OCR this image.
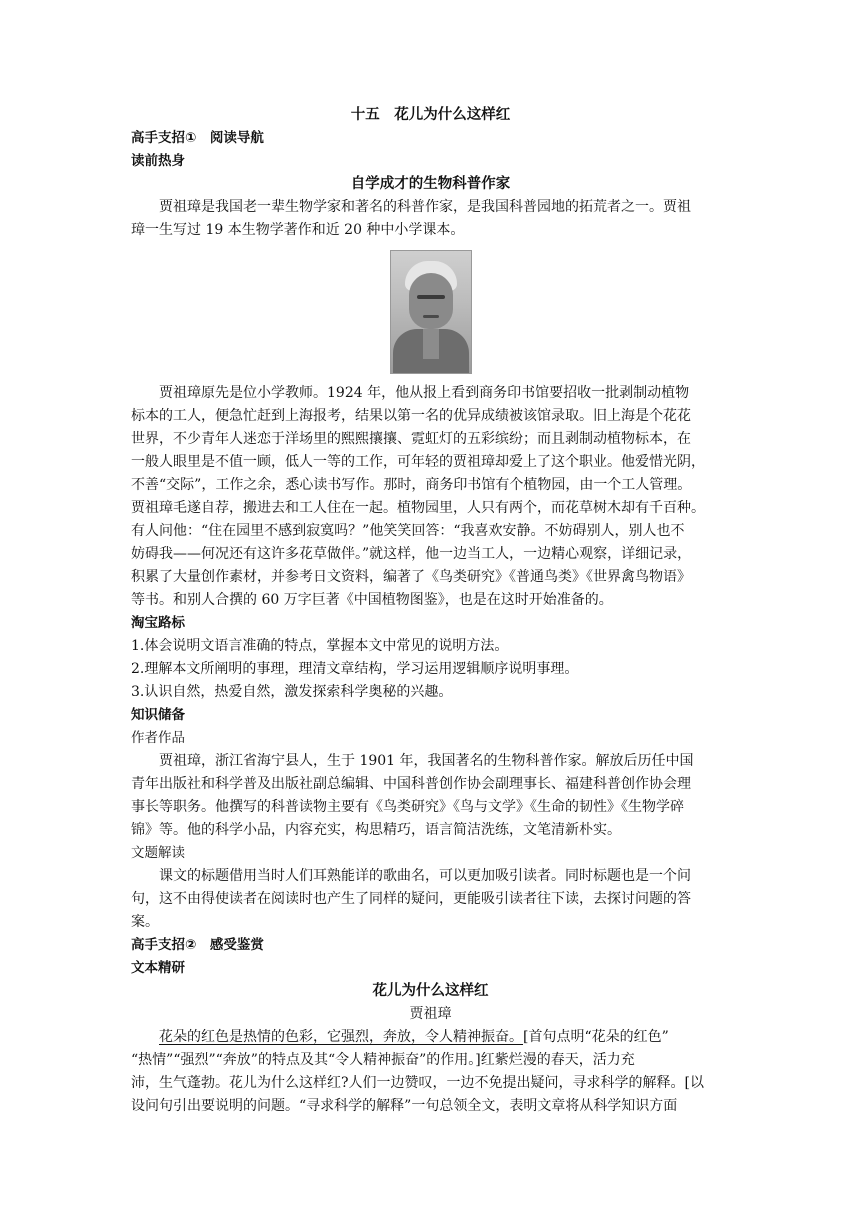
十五　花儿为什么这样红
高手支招①　阅读导航
读前热身
自学成才的生物科普作家
贾祖璋是我国老一辈生物学家和著名的科普作家，是我国科普园地的拓荒者之一。贾祖
璋一生写过 19 本生物学著作和近 20 种中小学课本。
贾祖璋原先是位小学教师。1924 年，他从报上看到商务印书馆要招收一批剥制动植物
标本的工人，便急忙赶到上海报考，结果以第一名的优异成绩被该馆录取。旧上海是个花花
世界，不少青年人迷恋于洋场里的熙熙攘攘、霓虹灯的五彩缤纷；而且剥制动植物标本，在
一般人眼里是不值一顾，低人一等的工作，可年轻的贾祖璋却爱上了这个职业。他爱惜光阴，
不善“交际”，工作之余，悉心读书写作。那时，商务印书馆有个植物园，由一个工人管理。
贾祖璋毛遂自荐，搬进去和工人住在一起。植物园里，人只有两个，而花草树木却有千百种。
有人问他：“住在园里不感到寂寞吗？”他笑笑回答：“我喜欢安静。不妨碍别人，别人也不
妨碍我——何况还有这许多花草做伴。”就这样，他一边当工人，一边精心观察，详细记录，
积累了大量创作素材，并参考日文资料，编著了《鸟类研究》《普通鸟类》《世界禽鸟物语》
等书。和别人合撰的 60 万字巨著《中国植物图鉴》，也是在这时开始准备的。
淘宝路标
1.体会说明文语言准确的特点，掌握本文中常见的说明方法。
2.理解本文所阐明的事理，理清文章结构，学习运用逻辑顺序说明事理。
3.认识自然，热爱自然，激发探索科学奥秘的兴趣。
知识储备
作者作品
贾祖璋，浙江省海宁县人，生于 1901 年，我国著名的生物科普作家。解放后历任中国
青年出版社和科学普及出版社副总编辑、中国科普创作协会副理事长、福建科普创作协会理
事长等职务。他撰写的科普读物主要有《鸟类研究》《鸟与文学》《生命的韧性》《生物学碎
锦》等。他的科学小品，内容充实，构思精巧，语言简洁洗练，文笔清新朴实。
文题解读
课文的标题借用当时人们耳熟能详的歌曲名，可以更加吸引读者。同时标题也是一个问
句，这不由得使读者在阅读时也产生了同样的疑问，更能吸引读者往下读，去探讨问题的答
案。
高手支招②　感受鉴赏
文本精研
花儿为什么这样红
贾祖璋
花朵的红色是热情的色彩，它强烈，奔放，令人精神振奋。[首句点明“花朵的红色”
“热情”“强烈”“奔放”的特点及其“令人精神振奋”的作用。]红紫烂漫的春天，活力充
沛，生气蓬勃。花儿为什么这样红?人们一边赞叹，一边不免提出疑问，寻求科学的解释。[以
设问句引出要说明的问题。“寻求科学的解释”一句总领全文，表明文章将从科学知识方面
